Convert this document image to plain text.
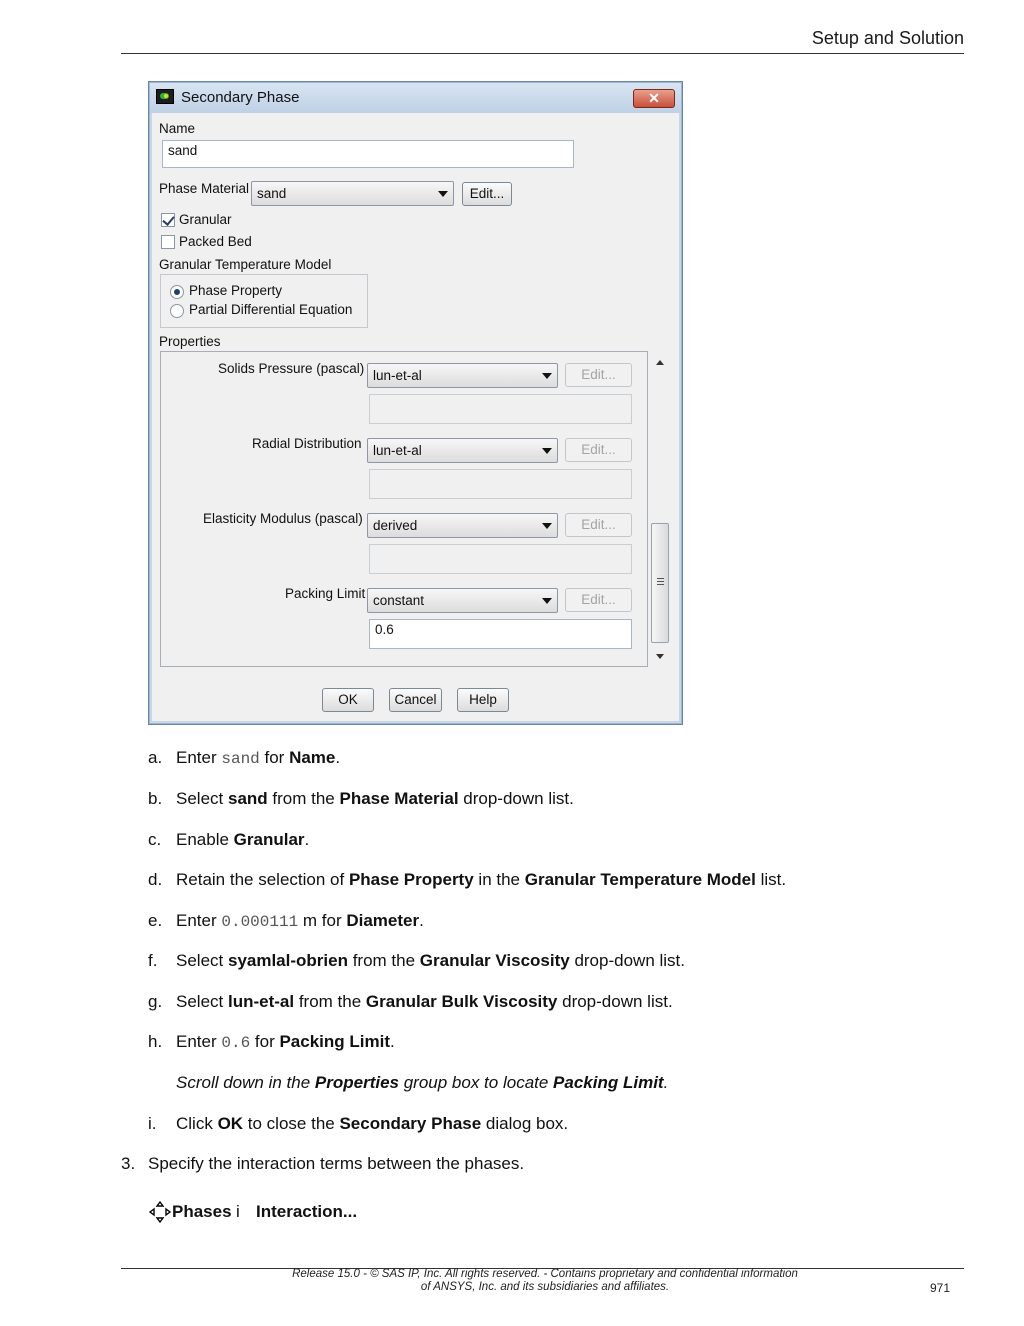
Setup and Solution
Secondary Phase	✕
Name
sand
Phase Material sand	Edit...
Granular
Packed Bed
Granular Temperature Model
Phase Property
Partial Differential Equation
Properties
Solids Pressure (pascal) lun-et-al	Edit...
Radial Distribution lun-et-al	Edit...
Elasticity Modulus (pascal) derived	Edit...
Packing Limit constant	Edit...
0.6
OK	Cancel	Help
a. Enter sand for Name.
b. Select sand from the Phase Material drop-down list.
c. Enable Granular.
d. Retain the selection of Phase Property in the Granular Temperature Model list.
e. Enter 0.000111 m for Diameter.
f. Select syamlal-obrien from the Granular Viscosity drop-down list.
g. Select lun-et-al from the Granular Bulk Viscosity drop-down list.
h. Enter 0.6 for Packing Limit.
Scroll down in the Properties group box to locate Packing Limit.
i. Click OK to close the Secondary Phase dialog box.
3. Specify the interaction terms between the phases.
Phases i Interaction...
Release 15.0 - © SAS IP, Inc. All rights reserved. - Contains proprietary and confidential information
of ANSYS, Inc. and its subsidiaries and affiliates.	971
